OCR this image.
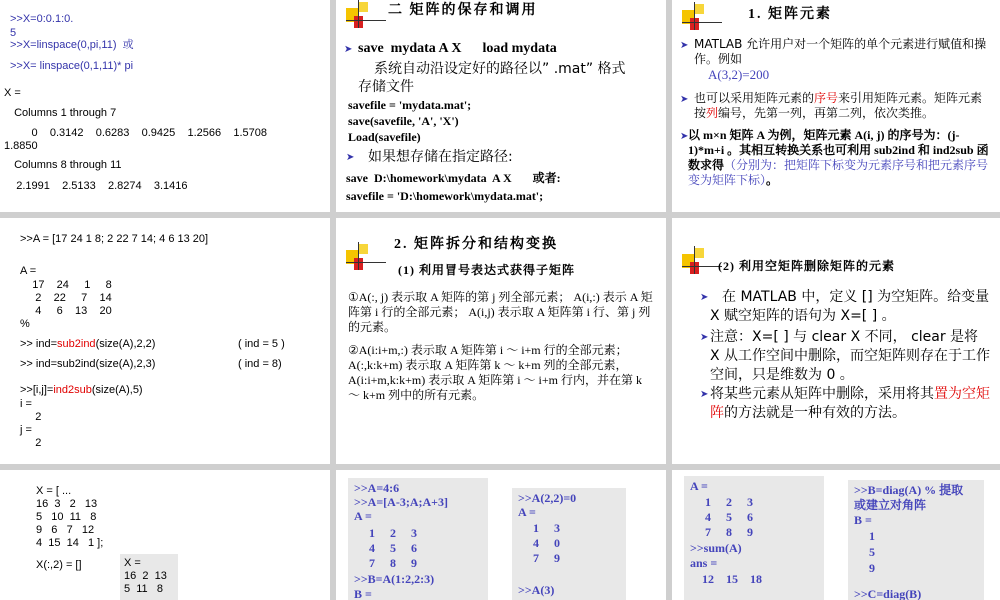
>>X=0:0.1:0.
5
>>X=linspace(0,pi,11)  或
>>X= linspace(0,1,11)* pi
X =
Columns 1 through 7
0    0.3142    0.6283    0.9425    1.2566    1.5708
1.8850
Columns 8 through 11
2.1991    2.5133    2.8274    3.1416
二 矩阵的保存和调用
➤ save  mydata A X      load mydata
系统自动沿设定好的路径以” .mat” 格式
存储文件
savefile = 'mydata.mat';
save(savefile, 'A', 'X')
Load(savefile)
➤ 如果想存储在指定路径:
save  D:\homework\mydata  A X       或者:
savefile = 'D:\homework\mydata.mat';
1. 矩阵元素
➤ MATLAB 允许用户对一个矩阵的单个元素进行赋值和操作。例如
A(3,2)=200
➤ 也可以采用矩阵元素的序号来引用矩阵元素。矩阵元素按列编号，先第一列，再第二列，依次类推。
➤ 以 m×n 矩阵 A 为例，矩阵元素 A(i, j) 的序号为：(j-1)*m+i 。其相互转换关系也可利用 sub2ind 和 ind2sub 函数求得（分别为：把矩阵下标变为元素序号和把元素序号变为矩阵下标）。
>>A = [17 24 1 8; 2 22 7 14; 4 6 13 20]
A =
17    24     1     8
2    22     7    14
4     6    13    20
%
>> ind=sub2ind(size(A),2,2)	( ind = 5 )
>> ind=sub2ind(size(A),2,3)	( ind = 8)
>>[i,j]=ind2sub(size(A),5)
i =
2
j =
2
2. 矩阵拆分和结构变换
(1) 利用冒号表达式获得子矩阵
①A(:, j) 表示取 A 矩阵的第 j 列全部元素； A(i,:) 表示 A 矩阵第 i 行的全部元素； A(i,j) 表示取 A 矩阵第 i 行、第 j 列的元素。
②A(i:i+m,:) 表示取 A 矩阵第 i ～ i+m 行的全部元素； A(:,k:k+m) 表示取 A 矩阵第 k ～ k+m 列的全部元素， A(i:i+m,k:k+m) 表示取 A 矩阵第 i ～ i+m 行内，并在第 k ～ k+m 列中的所有元素。
(2) 利用空矩阵删除矩阵的元素
➤ 在 MATLAB 中，定义 [] 为空矩阵。给变量 X 赋空矩阵的语句为 X=[ ] 。
➤ 注意：X=[ ] 与 clear X 不同， clear 是将 X 从工作空间中删除，而空矩阵则存在于工作空间，只是维数为 0 。
➤ 将某些元素从矩阵中删除，采用将其置为空矩阵的方法就是一种有效的方法。
X = [ ...
16  3   2   13
5   10  11   8
9   6   7   12
4  15  14   1 ];
X(:,2) = []	X =
16  2  13
5  11   8
>>A=4:6
>>A=[A-3;A;A+3]
A =
1     2     3
4     5     6
7     8     9
>>B=A(1:2,2:3)
B =
>>A(2,2)=0
A =
1     3
4     0
7     9
>>A(3)
A =
1     2     3
4     5     6
7     8     9
>>sum(A)
ans =
12    15    18
>>B=diag(A) % 提取
或建立对角阵
B =
1
5
9
>>C=diag(B)
